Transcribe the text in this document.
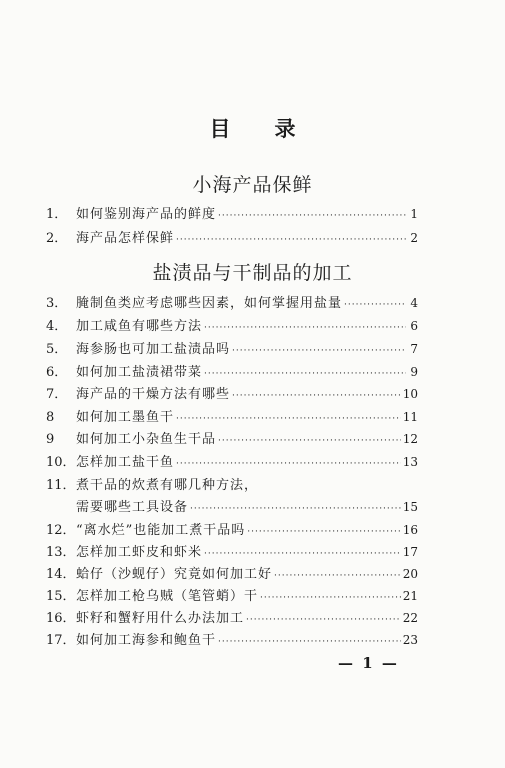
目 录
小海产品保鲜
1． 如何鉴别海产品的鲜度 ·····	1
2． 海产品怎样保鲜 ·····	2
盐渍品与干制品的加工
3． 腌制鱼类应考虑哪些因素，如何掌握用盐量 ·····	4
4． 加工咸鱼有哪些方法 ·····	6
5． 海参肠也可加工盐渍品吗 ·····	7
6． 如何加工盐渍裙带菜 ·····	9
7． 海产品的干燥方法有哪些 ·····	10
8	如何加工墨鱼干 ·····	11
9	如何加工小杂鱼生干品 ·····	12
10． 怎样加工盐干鱼 ·····	13
11． 煮干品的炊煮有哪几种方法，
需要哪些工具设备 ·····	15
12． “离水烂”也能加工煮干品吗 ·····	16
13． 怎样加工虾皮和虾米 ·····	17
14． 蛤仔（沙蚬仔）究竟如何加工好 ·····	20
15． 怎样加工枪乌贼（笔管蛸）干 ·····	21
16． 虾籽和蟹籽用什么办法加工 ·····	22
17． 如何加工海参和鲍鱼干 ·····	23
— 1 —
